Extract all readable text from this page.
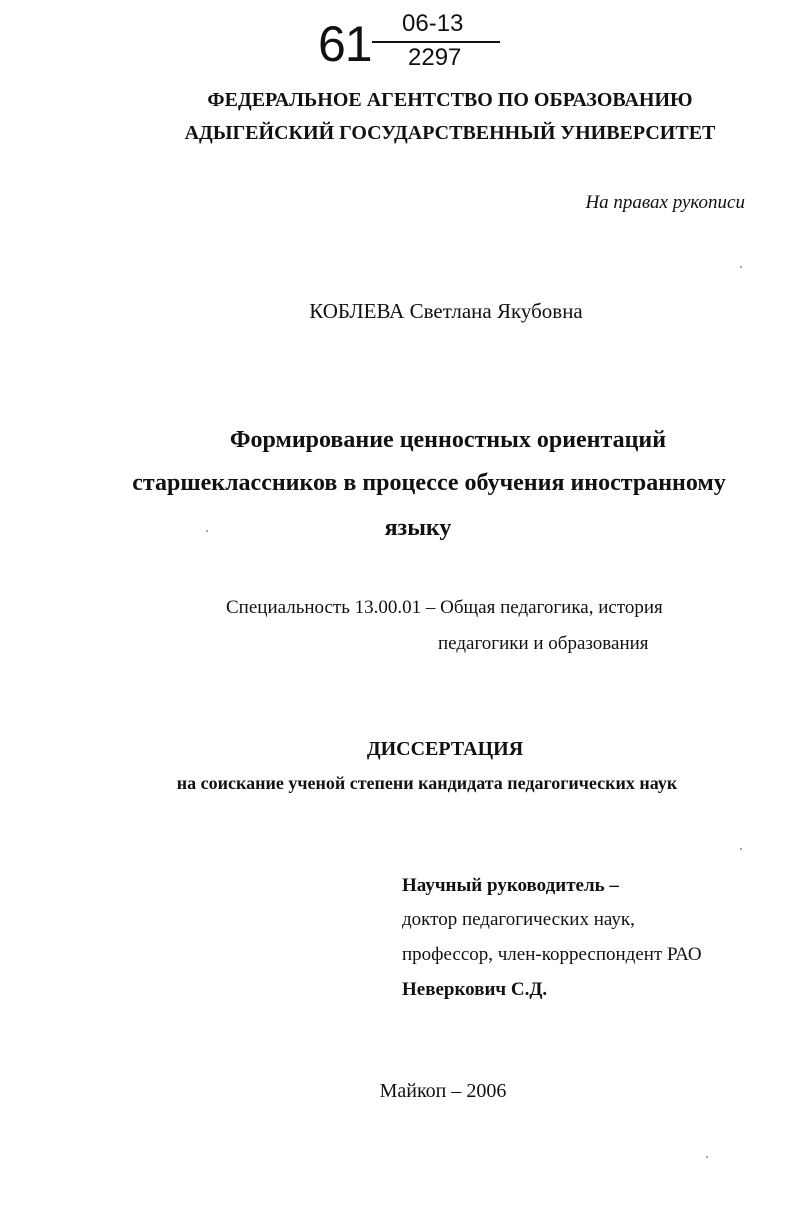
61 06-13
2297
ФЕДЕРАЛЬНОЕ АГЕНТСТВО ПО ОБРАЗОВАНИЮ
АДЫГЕЙСКИЙ ГОСУДАРСТВЕННЫЙ УНИВЕРСИТЕТ
На правах рукописи
КОБЛЕВА Светлана Якубовна
Формирование ценностных ориентаций
старшеклассников в процессе обучения иностранному
языку
Специальность 13.00.01 – Общая педагогика, история
педагогики и образования
ДИССЕРТАЦИЯ
на соискание ученой степени кандидата педагогических наук
Научный руководитель –
доктор педагогических наук,
профессор, член-корреспондент РАО
Неверкович С.Д.
Майкоп – 2006
